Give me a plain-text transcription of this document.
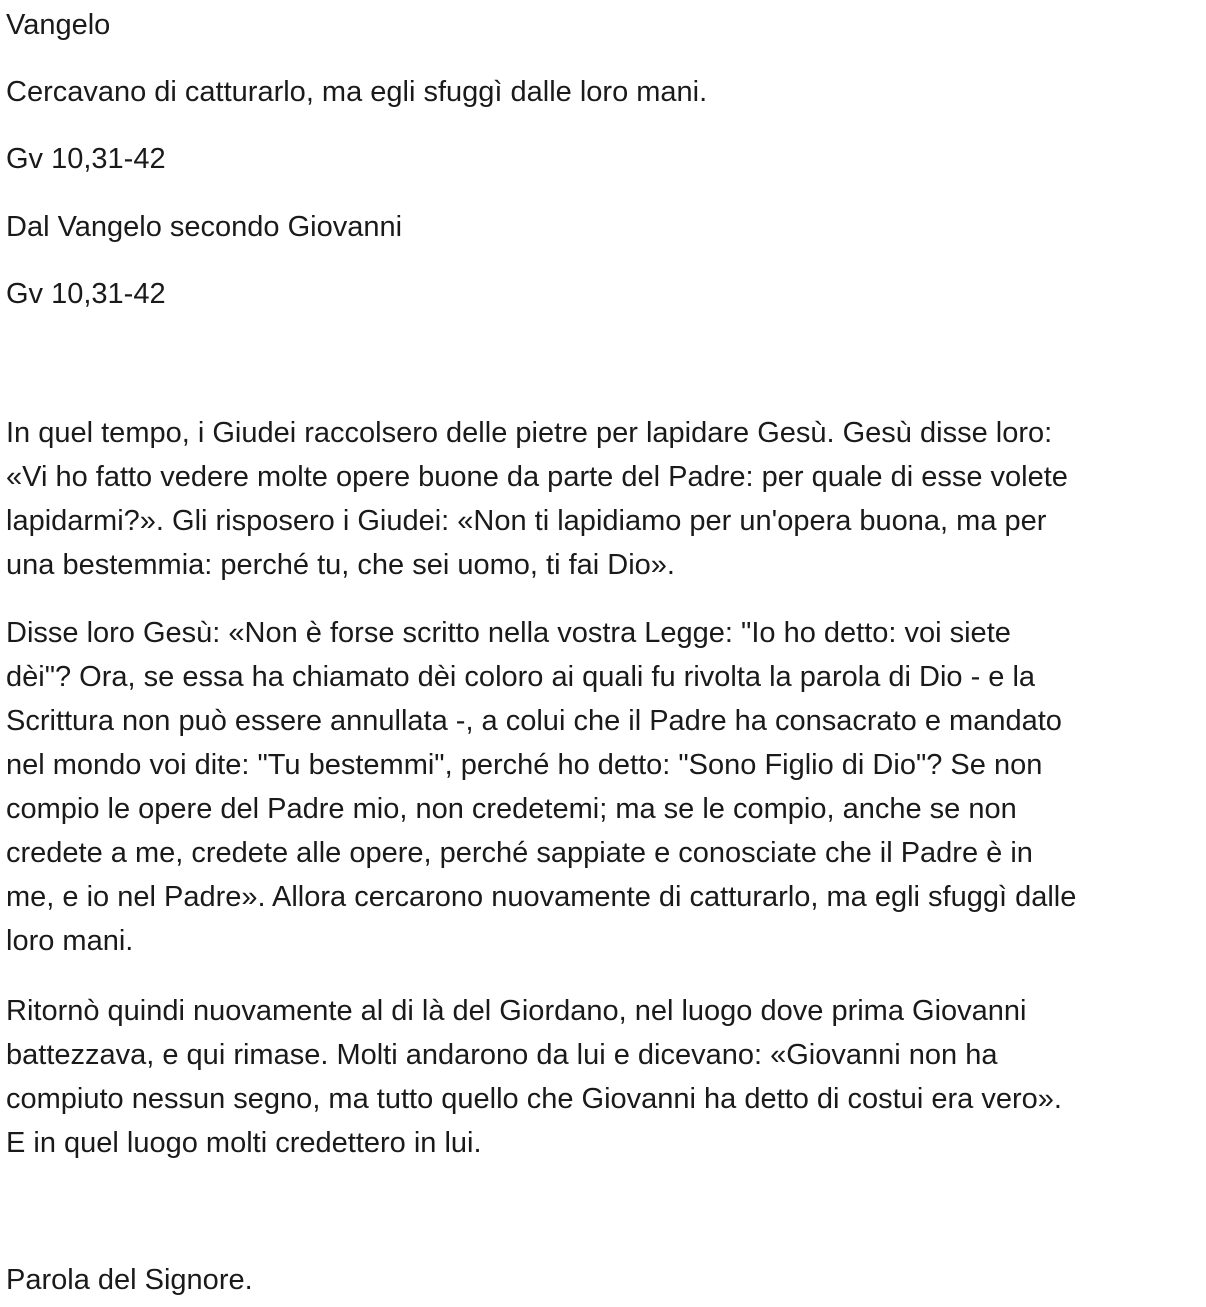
Vangelo

Cercavano di catturarlo, ma egli sfuggì dalle loro mani.

Gv 10,31-42

Dal Vangelo secondo Giovanni

Gv 10,31-42

In quel tempo, i Giudei raccolsero delle pietre per lapidare Gesù. Gesù disse loro:
«Vi ho fatto vedere molte opere buone da parte del Padre: per quale di esse volete
lapidarmi?». Gli risposero i Giudei: «Non ti lapidiamo per un'opera buona, ma per
una bestemmia: perché tu, che sei uomo, ti fai Dio».
Disse loro Gesù: «Non è forse scritto nella vostra Legge: "Io ho detto: voi siete
dèi"? Ora, se essa ha chiamato dèi coloro ai quali fu rivolta la parola di Dio - e la
Scrittura non può essere annullata -, a colui che il Padre ha consacrato e mandato
nel mondo voi dite: "Tu bestemmi", perché ho detto: "Sono Figlio di Dio"? Se non
compio le opere del Padre mio, non credetemi; ma se le compio, anche se non
credete a me, credete alle opere, perché sappiate e conosciate che il Padre è in
me, e io nel Padre». Allora cercarono nuovamente di catturarlo, ma egli sfuggì dalle
loro mani.
Ritornò quindi nuovamente al di là del Giordano, nel luogo dove prima Giovanni
battezzava, e qui rimase. Molti andarono da lui e dicevano: «Giovanni non ha
compiuto nessun segno, ma tutto quello che Giovanni ha detto di costui era vero».
E in quel luogo molti credettero in lui.

Parola del Signore.
